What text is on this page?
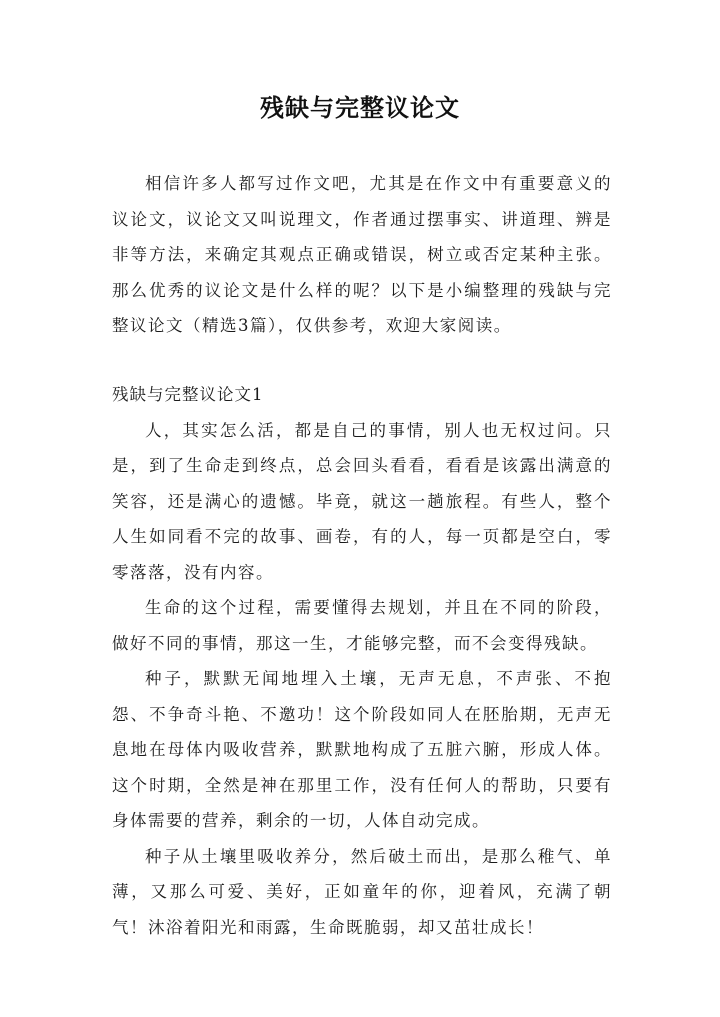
残缺与完整议论文

相信许多人都写过作文吧，尤其是在作文中有重要意义的议论文，议论文又叫说理文，作者通过摆事实、讲道理、辨是非等方法，来确定其观点正确或错误，树立或否定某种主张。那么优秀的议论文是什么样的呢？以下是小编整理的残缺与完整议论文（精选3篇），仅供参考，欢迎大家阅读。

残缺与完整议论文1

人，其实怎么活，都是自己的事情，别人也无权过问。只是，到了生命走到终点，总会回头看看，看看是该露出满意的笑容，还是满心的遗憾。毕竟，就这一趟旅程。有些人，整个人生如同看不完的故事、画卷，有的人，每一页都是空白，零零落落，没有内容。

生命的这个过程，需要懂得去规划，并且在不同的阶段，做好不同的事情，那这一生，才能够完整，而不会变得残缺。

种子，默默无闻地埋入土壤，无声无息，不声张、不抱怨、不争奇斗艳、不邀功！这个阶段如同人在胚胎期，无声无息地在母体内吸收营养，默默地构成了五脏六腑，形成人体。这个时期，全然是神在那里工作，没有任何人的帮助，只要有身体需要的营养，剩余的一切，人体自动完成。

种子从土壤里吸收养分，然后破土而出，是那么稚气、单薄，又那么可爱、美好，正如童年的你，迎着风，充满了朝气！沐浴着阳光和雨露，生命既脆弱，却又茁壮成长！
